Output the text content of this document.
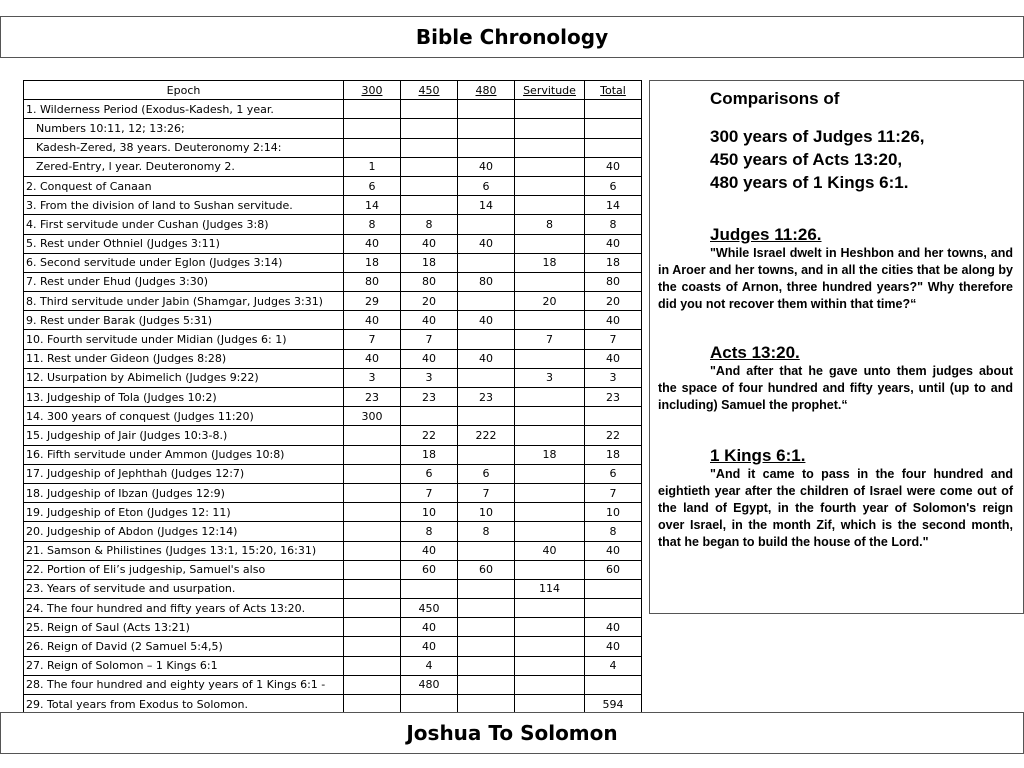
Bible Chronology
Epoch	300	450	480	Servitude	Total
1. Wilderness Period (Exodus-Kadesh, 1 year.					
Numbers 10:11, 12; 13:26;					
Kadesh-Zered, 38 years. Deuteronomy 2:14:					
Zered-Entry, l year. Deuteronomy 2.	1		40		40
2. Conquest of Canaan	6		6		6
3. From the division of land to Sushan servitude.	14		14		14
4. First servitude under Cushan (Judges 3:8)	8	8		8	8
5. Rest under Othniel (Judges 3:11)	40	40	40		40
6. Second servitude under Eglon (Judges 3:14)	18	18		18	18
7. Rest under Ehud (Judges 3:30)	80	80	80		80
8. Third servitude under Jabin (Shamgar, Judges 3:31)	29	20		20	20
9. Rest under Barak (Judges 5:31)	40	40	40		40
10. Fourth servitude under Midian (Judges 6: 1)	7	7		7	7
11. Rest under Gideon (Judges 8:28)	40	40	40		40
12. Usurpation by Abimelich (Judges 9:22)	3	3		3	3
13. Judgeship of Tola (Judges 10:2)	23	23	23		23
14. 300 years of conquest (Judges 11:20)	300				
15. Judgeship of Jair (Judges 10:3-8.)		22	222		22
16. Fifth servitude under Ammon (Judges 10:8)		18		18	18
17. Judgeship of Jephthah (Judges 12:7)		6	6		6
18. Judgeship of Ibzan (Judges 12:9)		7	7		7
19. Judgeship of Eton (Judges 12: 11)		10	10		10
20. Judgeship of Abdon (Judges 12:14)		8	8		8
21. Samson & Philistines (Judges 13:1, 15:20, 16:31)		40		40	40
22. Portion of Eli’s judgeship, Samuel's also		60	60		60
23. Years of servitude and usurpation.				114	
24. The four hundred and fifty years of Acts 13:20.		450			
25. Reign of Saul (Acts 13:21)		40			40
26. Reign of David (2 Samuel 5:4,5)		40			40
27. Reign of Solomon – 1 Kings 6:1		4			4
28. The four hundred and eighty years of 1 Kings 6:1 -		480			
29. Total years from Exodus to Solomon.					594
Comparisons of
300 years of Judges 11:26,
450 years of Acts 13:20,
480 years of 1 Kings 6:1.
Judges 11:26.
"While Israel dwelt in Heshbon and her towns, and in Aroer and her towns, and in all the cities that be along by the coasts of Arnon, three hundred years?" Why therefore did you not recover them within that time?“
Acts 13:20.
"And after that he gave unto them judges about the space of four hundred and fifty years, until (up to and including) Samuel the prophet.“
1 Kings 6:1.
"And it came to pass in the four hundred and eightieth year after the children of Israel were come out of the land of Egypt, in the fourth year of Solomon's reign over Israel, in the month Zif, which is the second month, that he began to build the house of the Lord."
Joshua To Solomon
